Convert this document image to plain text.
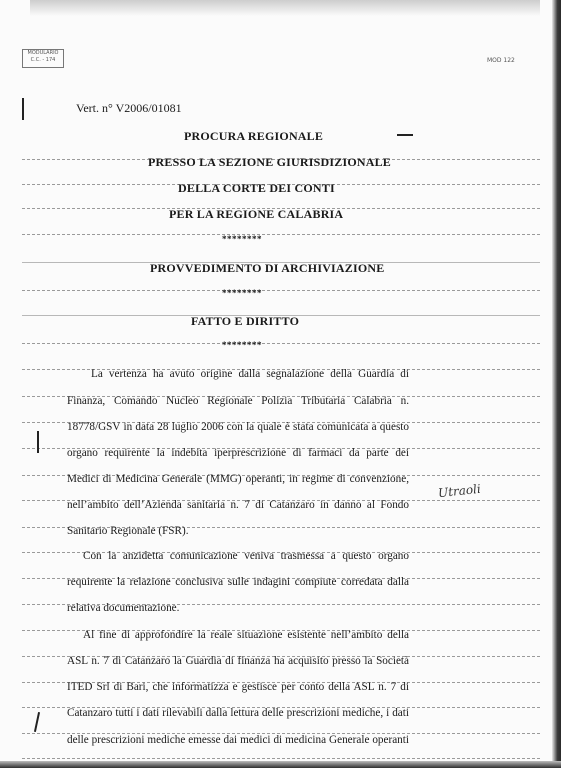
MODULARIO
C.C. - 174	MOD 122
Vert. n° V2006/01081
PROCURA REGIONALE
PRESSO LA SEZIONE GIURISDIZIONALE
DELLA CORTE DEI CONTI
PER LA REGIONE CALABRIA
********
PROVVEDIMENTO DI ARCHIVIAZIONE
********
FATTO E DIRITTO
********
La vertenza ha avuto origine dalla segnalazione della Guardia di
Finanza, Comando Nucleo Regionale Polizia Tributaria Calabria n.
18778/GSV in data 28 luglio 2006 con la quale è stata comunicata a questo
organo requirente la indebita iperprescrizione di farmaci da parte dei
Medici di Medicina Generale (MMG) operanti, in regime di convenzione,
nell’ambito dell’Azienda sanitaria n. 7 di Catanzaro in danno al Fondo
Sanitario Regionale (FSR).
Con la anzidetta comunicazione veniva trasmessa a questo organo
requirente la relazione conclusiva sulle indagini compiute corredata dalla
relativa documentazione.
Al fine di approfondire la reale situazione esistente nell’ambito della
ASL n. 7 di Catanzaro la Guardia di finanza ha acquisito presso la Società
ITED Srl di Bari, che informatizza e gestisce per conto della ASL n. 7 di
Catanzaro tutti i dati rilevabili dalla lettura delle prescrizioni mediche, i dati
delle prescrizioni mediche emesse dai medici di medicina Generale operanti
Utraoli
